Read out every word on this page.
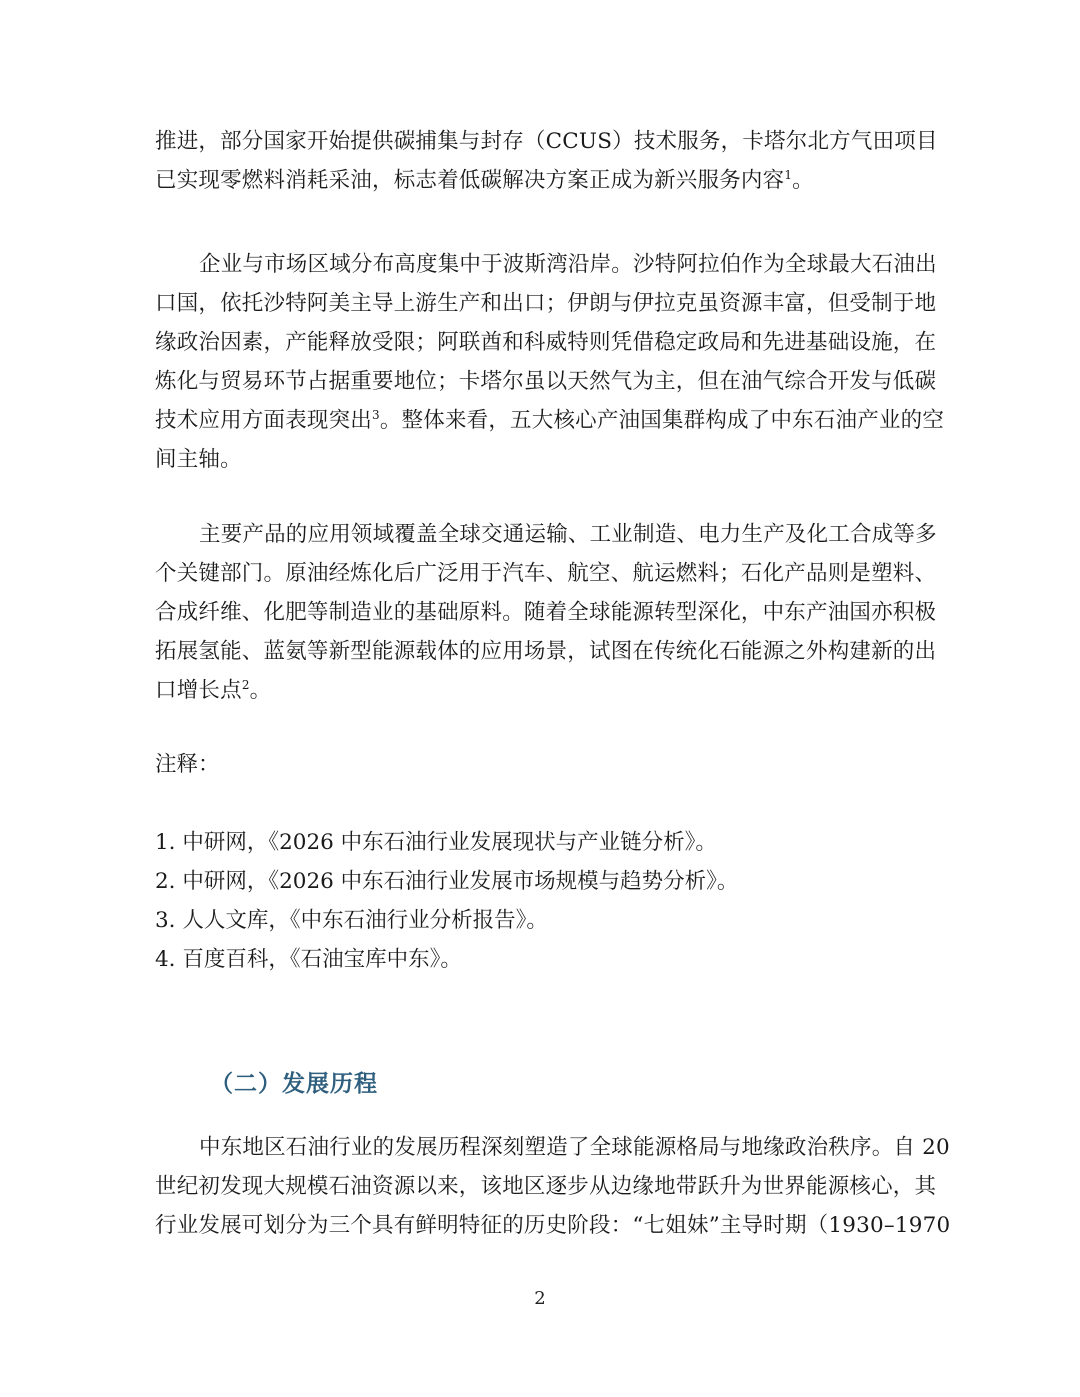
推进，部分国家开始提供碳捕集与封存（CCUS）技术服务，卡塔尔北方气田项目
已实现零燃料消耗采油，标志着低碳解决方案正成为新兴服务内容$^1$。

企业与市场区域分布高度集中于波斯湾沿岸。沙特阿拉伯作为全球最大石油出
口国，依托沙特阿美主导上游生产和出口；伊朗与伊拉克虽资源丰富，但受制于地
缘政治因素，产能释放受限；阿联酋和科威特则凭借稳定政局和先进基础设施，在
炼化与贸易环节占据重要地位；卡塔尔虽以天然气为主，但在油气综合开发与低碳
技术应用方面表现突出$^3$。整体来看，五大核心产油国集群构成了中东石油产业的空
间主轴。

主要产品的应用领域覆盖全球交通运输、工业制造、电力生产及化工合成等多
个关键部门。原油经炼化后广泛用于汽车、航空、航运燃料；石化产品则是塑料、
合成纤维、化肥等制造业的基础原料。随着全球能源转型深化，中东产油国亦积极
拓展氢能、蓝氨等新型能源载体的应用场景，试图在传统化石能源之外构建新的出
口增长点$^2$。

注释：
1. 中研网，《2026 中东石油行业发展现状与产业链分析》。
2. 中研网，《2026 中东石油行业发展市场规模与趋势分析》。
3. 人人文库，《中东石油行业分析报告》。
4. 百度百科，《石油宝库中东》。
（二）发展历程

中东地区石油行业的发展历程深刻塑造了全球能源格局与地缘政治秩序。自 20
世纪初发现大规模石油资源以来，该地区逐步从边缘地带跃升为世界能源核心，其
行业发展可划分为三个具有鲜明特征的历史阶段：“七姐妹”主导时期（1930–1970

2
